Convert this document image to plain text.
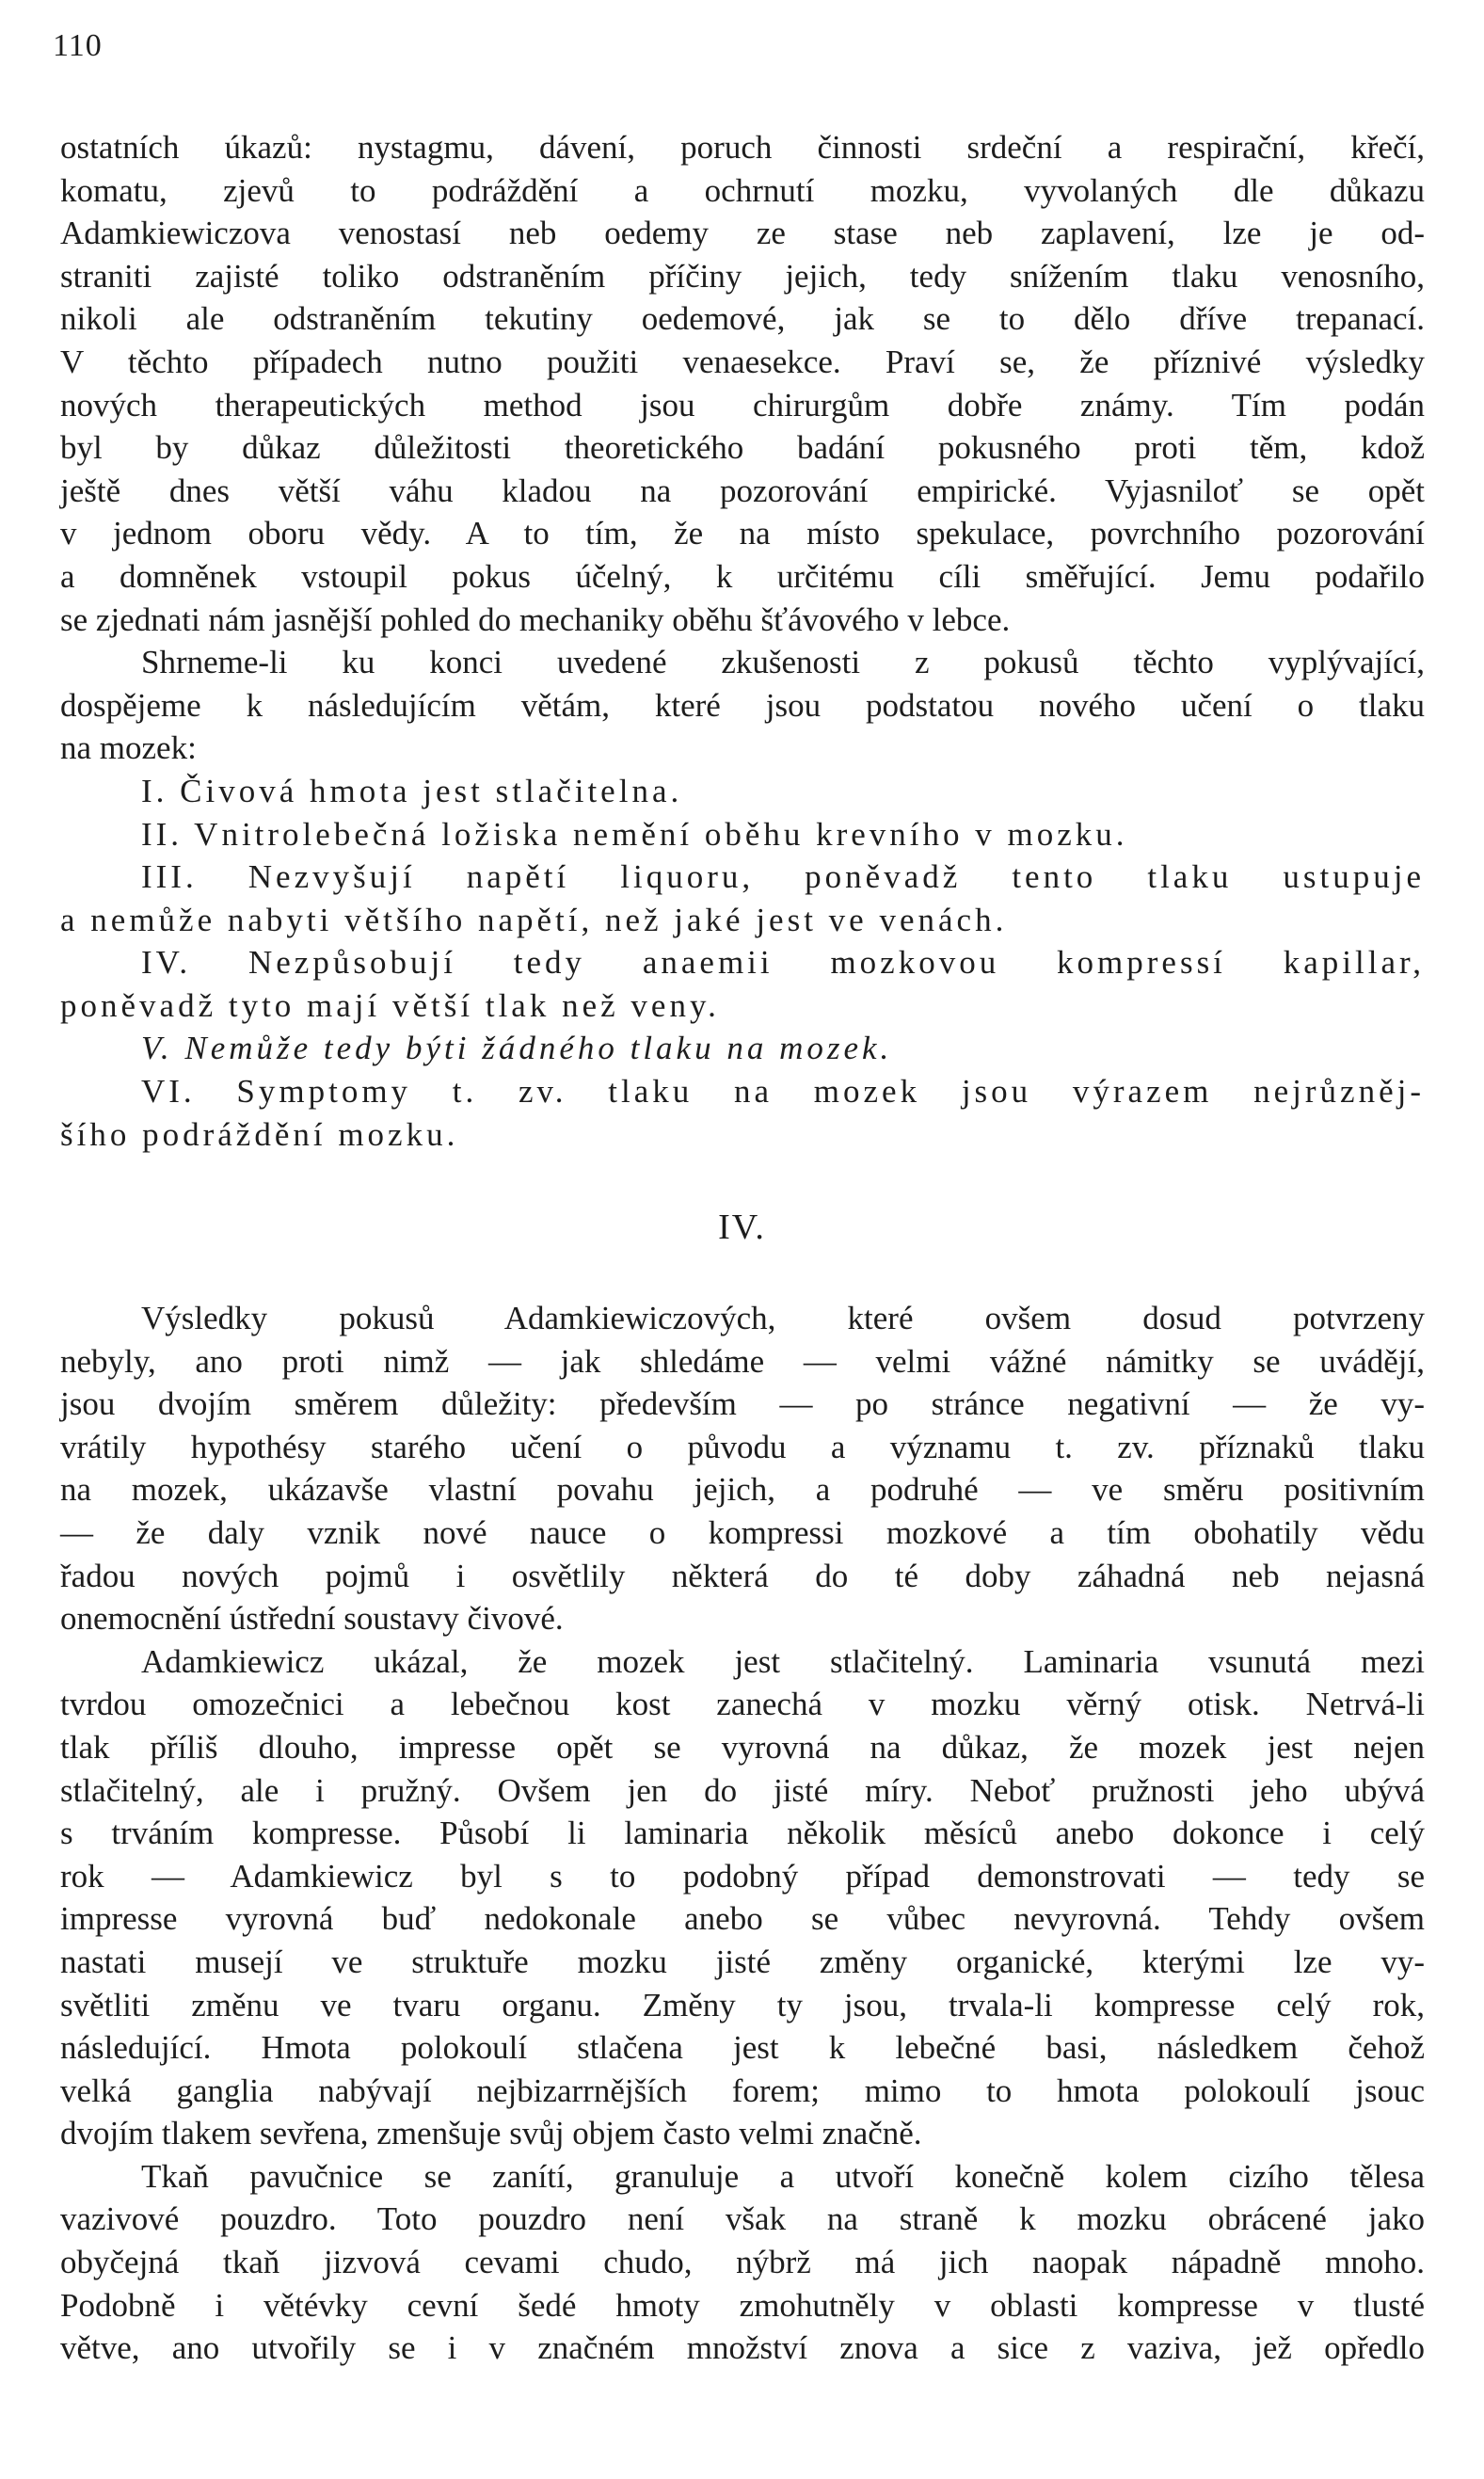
110
ostatních úkazů: nystagmu, dávení, poruch činnosti srdeční a respirační, křečí,
komatu, zjevů to podráždění a ochrnutí mozku, vyvolaných dle důkazu
Adamkiewiczova venostasí neb oedemy ze stase neb zaplavení, lze je od-
straniti zajisté toliko odstraněním příčiny jejich, tedy snížením tlaku venosního,
nikoli ale odstraněním tekutiny oedemové, jak se to dělo dříve trepanací.
V těchto případech nutno použiti venaesekce. Praví se, že příznivé výsledky
nových therapeutických method jsou chirurgům dobře známy. Tím podán
byl by důkaz důležitosti theoretického badání pokusného proti těm, kdož
ještě dnes větší váhu kladou na pozorování empirické. Vyjasniloť se opět
v jednom oboru vědy. A to tím, že na místo spekulace, povrchního pozorování
a domněnek vstoupil pokus účelný, k určitému cíli směřující. Jemu podařilo
se zjednati nám jasnější pohled do mechaniky oběhu šťávového v lebce.
Shrneme-li ku konci uvedené zkušenosti z pokusů těchto vyplývající,
dospějeme k následujícím větám, které jsou podstatou nového učení o tlaku
na mozek:
I. Čivová hmota jest stlačitelna.
II. Vnitrolebečná ložiska nemění oběhu krevního v mozku.
III. Nezvyšují napětí liquoru, poněvadž tento tlaku ustupuje
a nemůže nabyti většího napětí, než jaké jest ve venách.
IV. Nezpůsobují tedy anaemii mozkovou kompressí kapillar,
poněvadž tyto mají větší tlak než veny.
V. Nemůže tedy býti žádného tlaku na mozek.
VI. Symptomy t. zv. tlaku na mozek jsou výrazem nejrůzněj-
šího podráždění mozku.
IV.
Výsledky pokusů Adamkiewiczových, které ovšem dosud potvrzeny
nebyly, ano proti nimž — jak shledáme — velmi vážné námitky se uvádějí,
jsou dvojím směrem důležity: především — po stránce negativní — že vy-
vrátily hypothésy starého učení o původu a významu t. zv. příznaků tlaku
na mozek, ukázavše vlastní povahu jejich, a podruhé — ve směru positivním
— že daly vznik nové nauce o kompressi mozkové a tím obohatily vědu
řadou nových pojmů i osvětlily některá do té doby záhadná neb nejasná
onemocnění ústřední soustavy čivové.
Adamkiewicz ukázal, že mozek jest stlačitelný. Laminaria vsunutá mezi
tvrdou omozečnici a lebečnou kost zanechá v mozku věrný otisk. Netrvá-li
tlak příliš dlouho, impresse opět se vyrovná na důkaz, že mozek jest nejen
stlačitelný, ale i pružný. Ovšem jen do jisté míry. Neboť pružnosti jeho ubývá
s trváním kompresse. Působí li laminaria několik měsíců anebo dokonce i celý
rok — Adamkiewicz byl s to podobný případ demonstrovati — tedy se
impresse vyrovná buď nedokonale anebo se vůbec nevyrovná. Tehdy ovšem
nastati musejí ve struktuře mozku jisté změny organické, kterými lze vy-
světliti změnu ve tvaru organu. Změny ty jsou, trvala-li kompresse celý rok,
následující. Hmota polokoulí stlačena jest k lebečné basi, následkem čehož
velká ganglia nabývají nejbizarrnějších forem; mimo to hmota polokoulí jsouc
dvojím tlakem sevřena, zmenšuje svůj objem často velmi značně.
Tkaň pavučnice se zanítí, granuluje a utvoří konečně kolem cizího tělesa
vazivové pouzdro. Toto pouzdro není však na straně k mozku obrácené jako
obyčejná tkaň jizvová cevami chudo, nýbrž má jich naopak nápadně mnoho.
Podobně i větévky cevní šedé hmoty zmohutněly v oblasti kompresse v tlusté
větve, ano utvořily se i v značném množství znova a sice z vaziva, jež opředlo
